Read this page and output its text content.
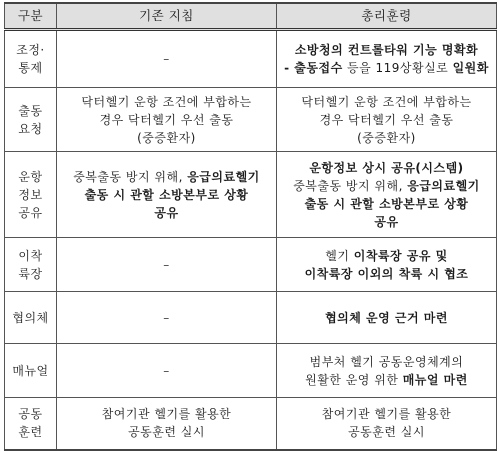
구분	기존 지침	총리훈령

조정·
통제	–	소방청의 컨트롤타워 기능 명확화
- 출동접수 등을 119상황실로 일원화

출동
요청	닥터헬기 운항 조건에 부합하는
경우 닥터헬기 우선 출동
(중증환자)	닥터헬기 운항 조건에 부합하는
경우 닥터헬기 우선 출동
(중증환자)

운항
정보
공유	중복출동 방지 위해, 응급의료헬기
출동 시 관할 소방본부로 상황
공유	운항정보 상시 공유(시스템)
중복출동 방지 위해, 응급의료헬기
출동 시 관할 소방본부로 상황
공유

이착
륙장	–	헬기 이착륙장 공유 및
이착륙장 이외의 착륙 시 협조

협의체	–	협의체 운영 근거 마련

매뉴얼	–	범부처 헬기 공동운영체계의
원활한 운영 위한 매뉴얼 마련

공동
훈련	참여기관 헬기를 활용한
공동훈련 실시	참여기관 헬기를 활용한
공동훈련 실시
